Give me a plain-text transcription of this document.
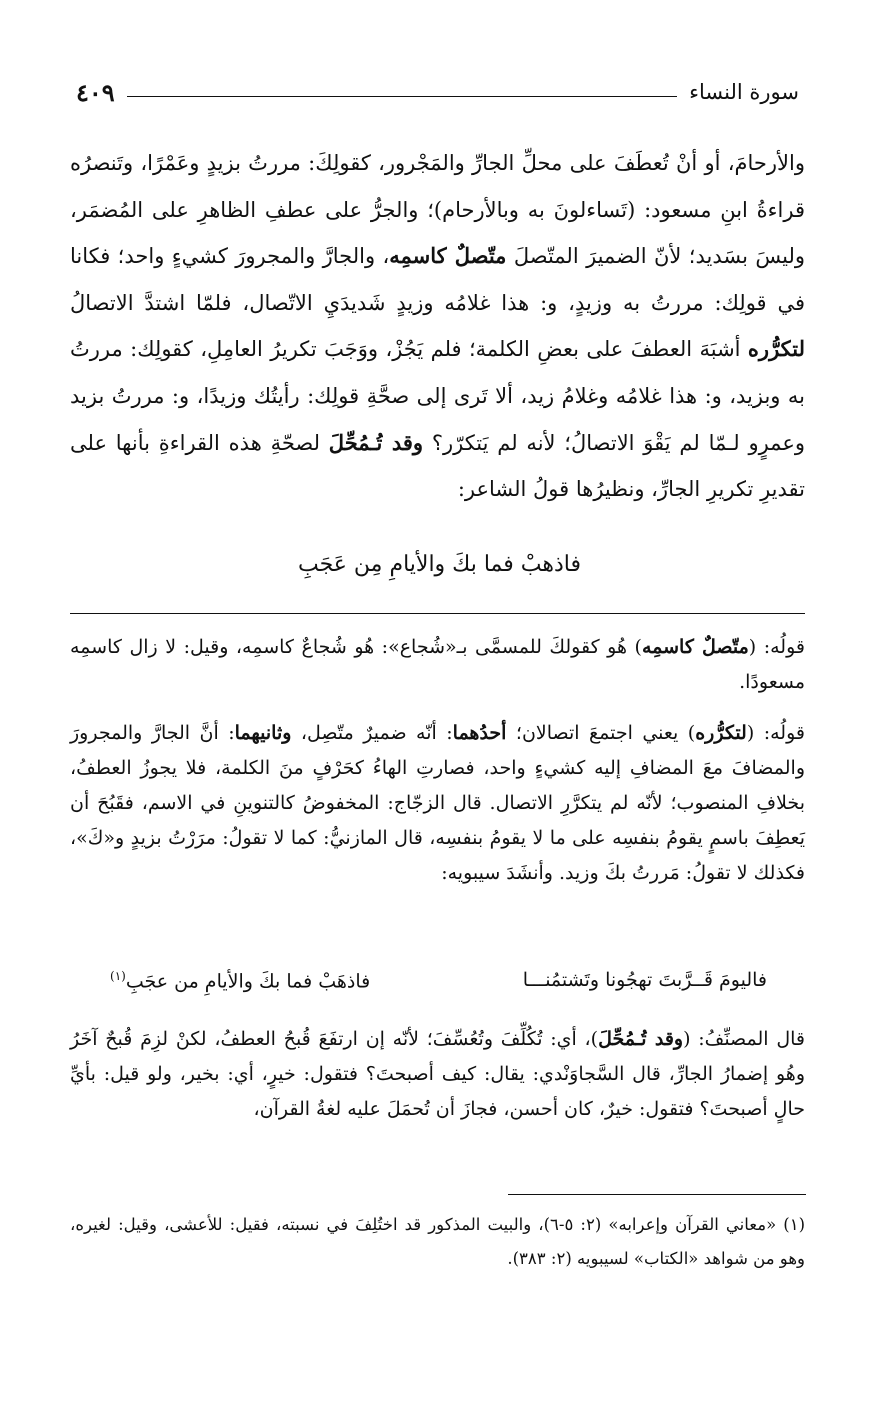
سورة النساء
٤٠٩

والأرحامَ، أو أنْ تُعطَفَ على محلِّ الجارِّ والمَجْرور، كقولِكَ: مررتُ بزيدٍ وعَمْرًا، وتَنصرُه قراءةُ ابنِ مسعود: (تَساءلونَ به وبالأرحام)؛ والجرُّ على عطفِ الظاهرِ على المُضمَر، وليسَ بسَديد؛ لأنّ الضميرَ المتّصلَ متّصلٌ كاسمِه، والجارَّ والمجرورَ كشيءٍ واحد؛ فكانا في قولِك: مررتُ به وزيدٍ، و: هذا غلامُه وزيدٍ شَديدَيِ الاتّصال، فلمّا اشتدَّ الاتصالُ لتكرُّره أشبَهَ العطفَ على بعضِ الكلمة؛ فلم يَجُزْ، ووَجَبَ تكريرُ العامِلِ، كقولِك: مررتُ به وبزيد، و: هذا غلامُه وغلامُ زيد، ألا تَرى إلى صحَّةِ قولِك: رأيتُك وزيدًا، و: مررتُ بزيد وعمرٍو لـمّا لم يَقْوَ الاتصالُ؛ لأنه لم يَتكرّر؟ وقد تُـمُحِّلَ لصحّةِ هذه القراءةِ بأنها على تقديرِ تكريرِ الجارِّ، ونظيرُها قولُ الشاعر:

فاذهبْ فما بكَ والأيامِ مِن عَجَبِ

قولُه: (متّصلٌ كاسمِه) هُو كقولكَ للمسمَّى بـ«شُجاع»: هُو شُجاعٌ كاسمِه، وقيل: لا زال كاسمِه مسعودًا.

قولُه: (لتكرُّره) يعني اجتمعَ اتصالان؛ أحدُهما: أنّه ضميرٌ متّصِل، وثانيهما: أنَّ الجارَّ والمجرورَ والمضافَ معَ المضافِ إليه كشيءٍ واحد، فصارتِ الهاءُ كحَرْفٍ منَ الكلمة، فلا يجوزُ العطفُ، بخلافِ المنصوب؛ لأنّه لم يتكرَّرِ الاتصال. قال الزجّاج: المخفوضُ كالتنوينِ في الاسم، فقَبُحَ أن يَعطِفَ باسمٍ يقومُ بنفسِه على ما لا يقومُ بنفسِه، قال المازنيُّ: كما لا تقولُ: مرَرْتُ بزيدٍ و«كَ»، فكذلك لا تقولُ: مَررتُ بكَ وزيد. وأنشَدَ سيبويه:

فاليومَ قَــرَّبتَ تهجُونا وتَشتمُنـــا
فاذهَبْ فما بكَ والأيامِ من عجَبِ$^{(١)}$

قال المصنِّفُ: (وقد تُـمُحِّلَ)، أي: تُكُلِّفَ وتُعُسِّفَ؛ لأنّه إن ارتفَعَ قُبحُ العطفُ، لكنْ لزِمَ قُبحٌ آخَرُ وهُو إضمارُ الجارِّ، قال السَّجاوَنْدي: يقال: كيف أصبحتَ؟ فتقول: خيرٍ، أي: بخير، ولو قيل: بأيِّ حالٍ أصبحتَ؟ فتقول: خيرٌ، كان أحسن، فجازَ أن تُحمَلَ عليه لغةُ القرآن،

(١) «معاني القرآن وإعرابه» (٢: ٥-٦)، والبيت المذكور قد اختُلِفَ في نسبته، فقيل: للأعشى، وقيل: لغيره، وهو من شواهد «الكتاب» لسيبويه (٢: ٣٨٣).
